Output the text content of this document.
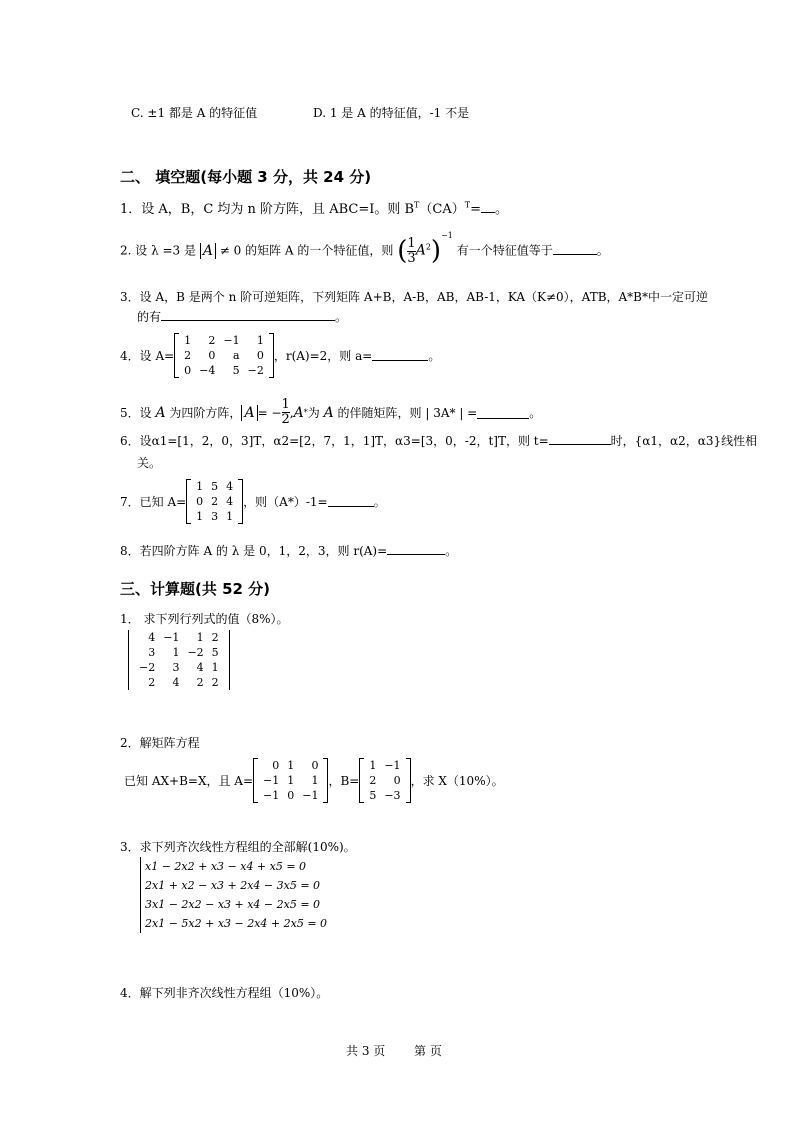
C. ±1 都是 A 的特征值	D. 1 是 A 的特征值，-1 不是
二、 填空题(每小题 3 分，共 24 分)
1．设 A，B，C 均为 n 阶方阵，且 ABC=I。则 $B^T(CA)^T=$ 。
2. 设 λ =3 是 A ≠ 0 的矩阵 A 的一个特征值，则 ( $\frac{1}{3} A^2)^{-1}$ 有一个特征值等于	。
3．设 A，B 是两个 n 阶可逆矩阵，下列矩阵 A+B，A-B，AB，AB-1，KA（K≠0），ATB，A*B*中一定可逆
的有	。
4．设 A=
1	2 −1	1
2	0	a	0
0 −4	5 −2
，r(A)=2，则 a=	。
5．设
A
为四阶方阵， A = − $\frac{1}{2}$ , A * 为
A
的伴随矩阵，则 | 3A* | =	。
6．设α1=[1，2，0，3]T，α2=[2，7，1，1]T，α3=[3，0，-2，t]T，则 t=	时，{α1，α2，α3}线性相
关。
7．已知 A=
1 5 4
0 2 4
1 3 1
，则（A*）-1=	。
8．若四阶方阵 A 的 λ 是 0，1，2，3，则 r(A)=	。
三、计算题(共 52 分)
1． 求下列行列式的值（8%）。
4 −1	1 2
3	1 −2 5
−2	3	4 1
2	4	2 2
2．解矩阵方程
已知 AX+B=X，且 A=
0 1	0
−1 1	1
−1 0 −1
，B=
1 −1
2	0
5 −3
，求 X（10%）。
3．求下列齐次线性方程组的全部解(10%)。
x1 − 2x2 + x3 − x4 + x5 = 0
2x1 + x2 − x3 + 2x4 − 3x5 = 0
3x1 − 2x2 − x3 + x4 − 2x5 = 0
2x1 − 5x2 + x3 − 2x4 + 2x5 = 0
4．解下列非齐次线性方程组（10%）。
共 3 页 第 页
